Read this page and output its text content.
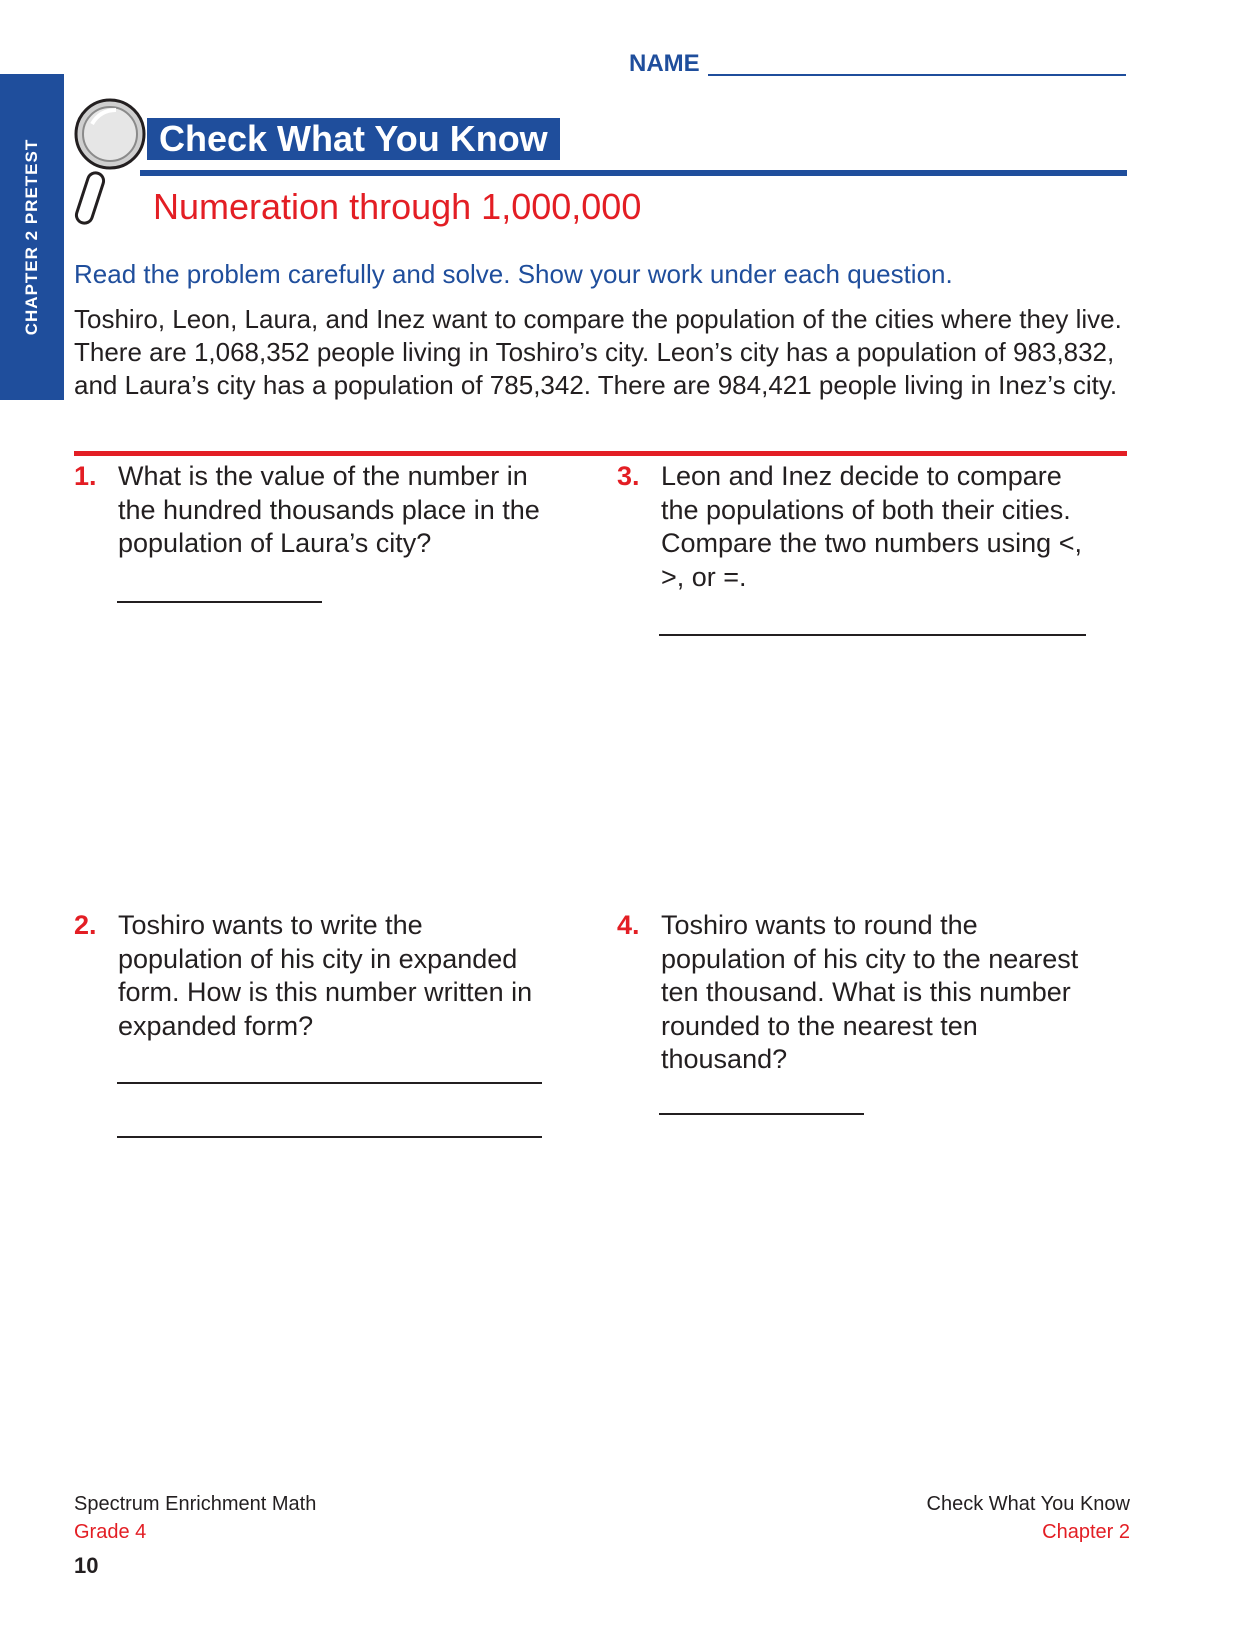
CHAPTER 2 PRETEST
NAME
Check What You Know
Numeration through 1,000,000
Read the problem carefully and solve. Show your work under each question.
Toshiro, Leon, Laura, and Inez want to compare the population of the cities where they live. There are 1,068,352 people living in Toshiro’s city. Leon’s city has a population of 983,832, and Laura’s city has a population of 785,342. There are 984,421 people living in Inez’s city.
1. What is the value of the number in the hundred thousands place in the population of Laura’s city?
3. Leon and Inez decide to compare the populations of both their cities. Compare the two numbers using <, >, or =.
2. Toshiro wants to write the population of his city in expanded form. How is this number written in expanded form?
4. Toshiro wants to round the population of his city to the nearest ten thousand. What is this number rounded to the nearest ten thousand?
Spectrum Enrichment Math
Grade 4
Check What You Know
Chapter 2
10
